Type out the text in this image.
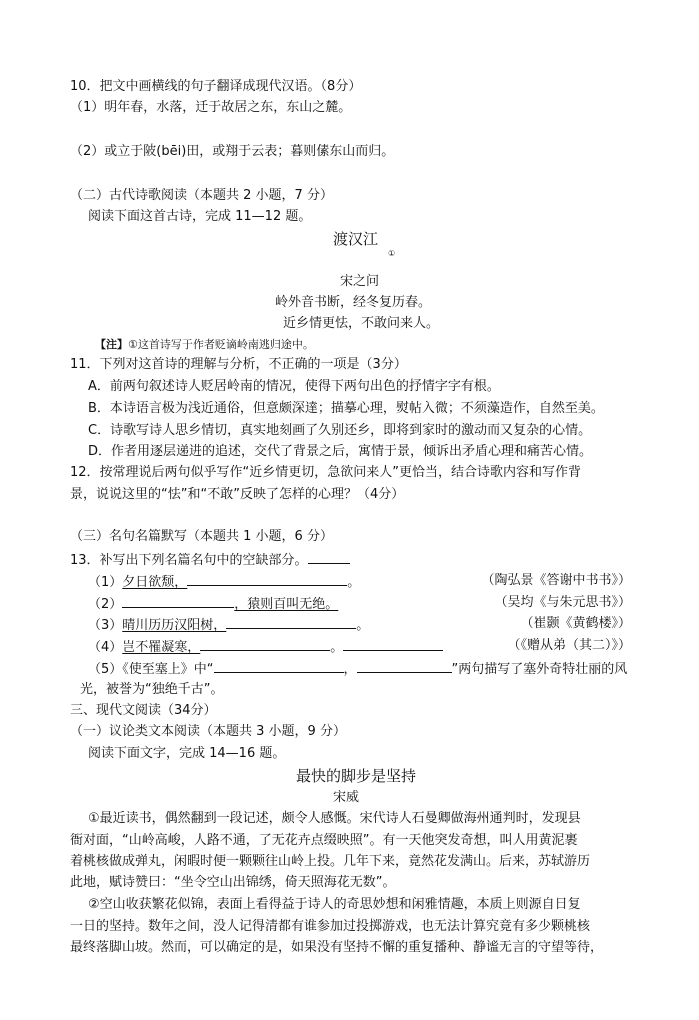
10．把文中画横线的句子翻译成现代汉语。（8分）
（1）明年春，水落，迁于故居之东，东山之麓。
（2）或立于陂(bēi)田，或翔于云表；暮则傃东山而归。
（二）古代诗歌阅读（本题共 2 小题，7 分）
阅读下面这首古诗，完成 11—12 题。
渡汉江
①
宋之问
岭外音书断，经冬复历春。
近乡情更怯，不敢问来人。
【注】①这首诗写于作者贬谪岭南逃归途中。
11．下列对这首诗的理解与分析，不正确的一项是（3分）
A．前两句叙述诗人贬居岭南的情况，使得下两句出色的抒情字字有根。
B．本诗语言极为浅近通俗，但意颇深達；描摹心理，熨帖入微；不须藻造作，自然至美。
C．诗歌写诗人思乡情切，真实地刻画了久别还乡，即将到家时的激动而又复杂的心情。
D．作者用逐层递进的追述，交代了背景之后，寓情于景，倾诉出矛盾心理和痛苦心情。
12．按常理说后两句似乎写作“近乡情更切，急欲问来人”更恰当，结合诗歌内容和写作背
景，说说这里的“怯”和“不敢”反映了怎样的心理？（4分）
（三）名句名篇默写（本题共 1 小题，6 分）
13．补写出下列名篇名句中的空缺部分。
（1）夕日欲颓，	。	（陶弘景《答谢中书书》）
（2）	，猿则百叫无绝。	（吴均《与朱元思书》）
（3）晴川历历汉阳树，	。	（崔颢《黄鹤楼》）
（4）岂不罹凝寒，	。	（《赠从弟（其二）》）
（5）《使至塞上》中“	，	”两句描写了塞外奇特壮丽的风
光，被誉为“独绝千古”。
三、现代文阅读（34分）
（一）议论类文本阅读（本题共 3 小题，9 分）
阅读下面文字，完成 14—16 题。
最快的脚步是坚持
宋威
①最近读书，偶然翻到一段记述，颇令人感慨。宋代诗人石曼卿做海州通判时，发现县
衙对面，“山岭高峻，人路不通，了无花卉点缀映照”。有一天他突发奇想，叫人用黄泥裹
着桃核做成弹丸，闲暇时便一颗颗往山岭上投。几年下来，竟然花发满山。后来，苏轼游历
此地，赋诗赞曰：“坐令空山出锦绣，倚天照海花无数”。
②空山收获繁花似锦，表面上看得益于诗人的奇思妙想和闲雅情趣，本质上则源自日复
一日的坚持。数年之间，没人记得清都有谁参加过投掷游戏，也无法计算究竟有多少颗桃核
最终落脚山坡。然而，可以确定的是，如果没有坚持不懈的重复播种、静谧无言的守望等待，
